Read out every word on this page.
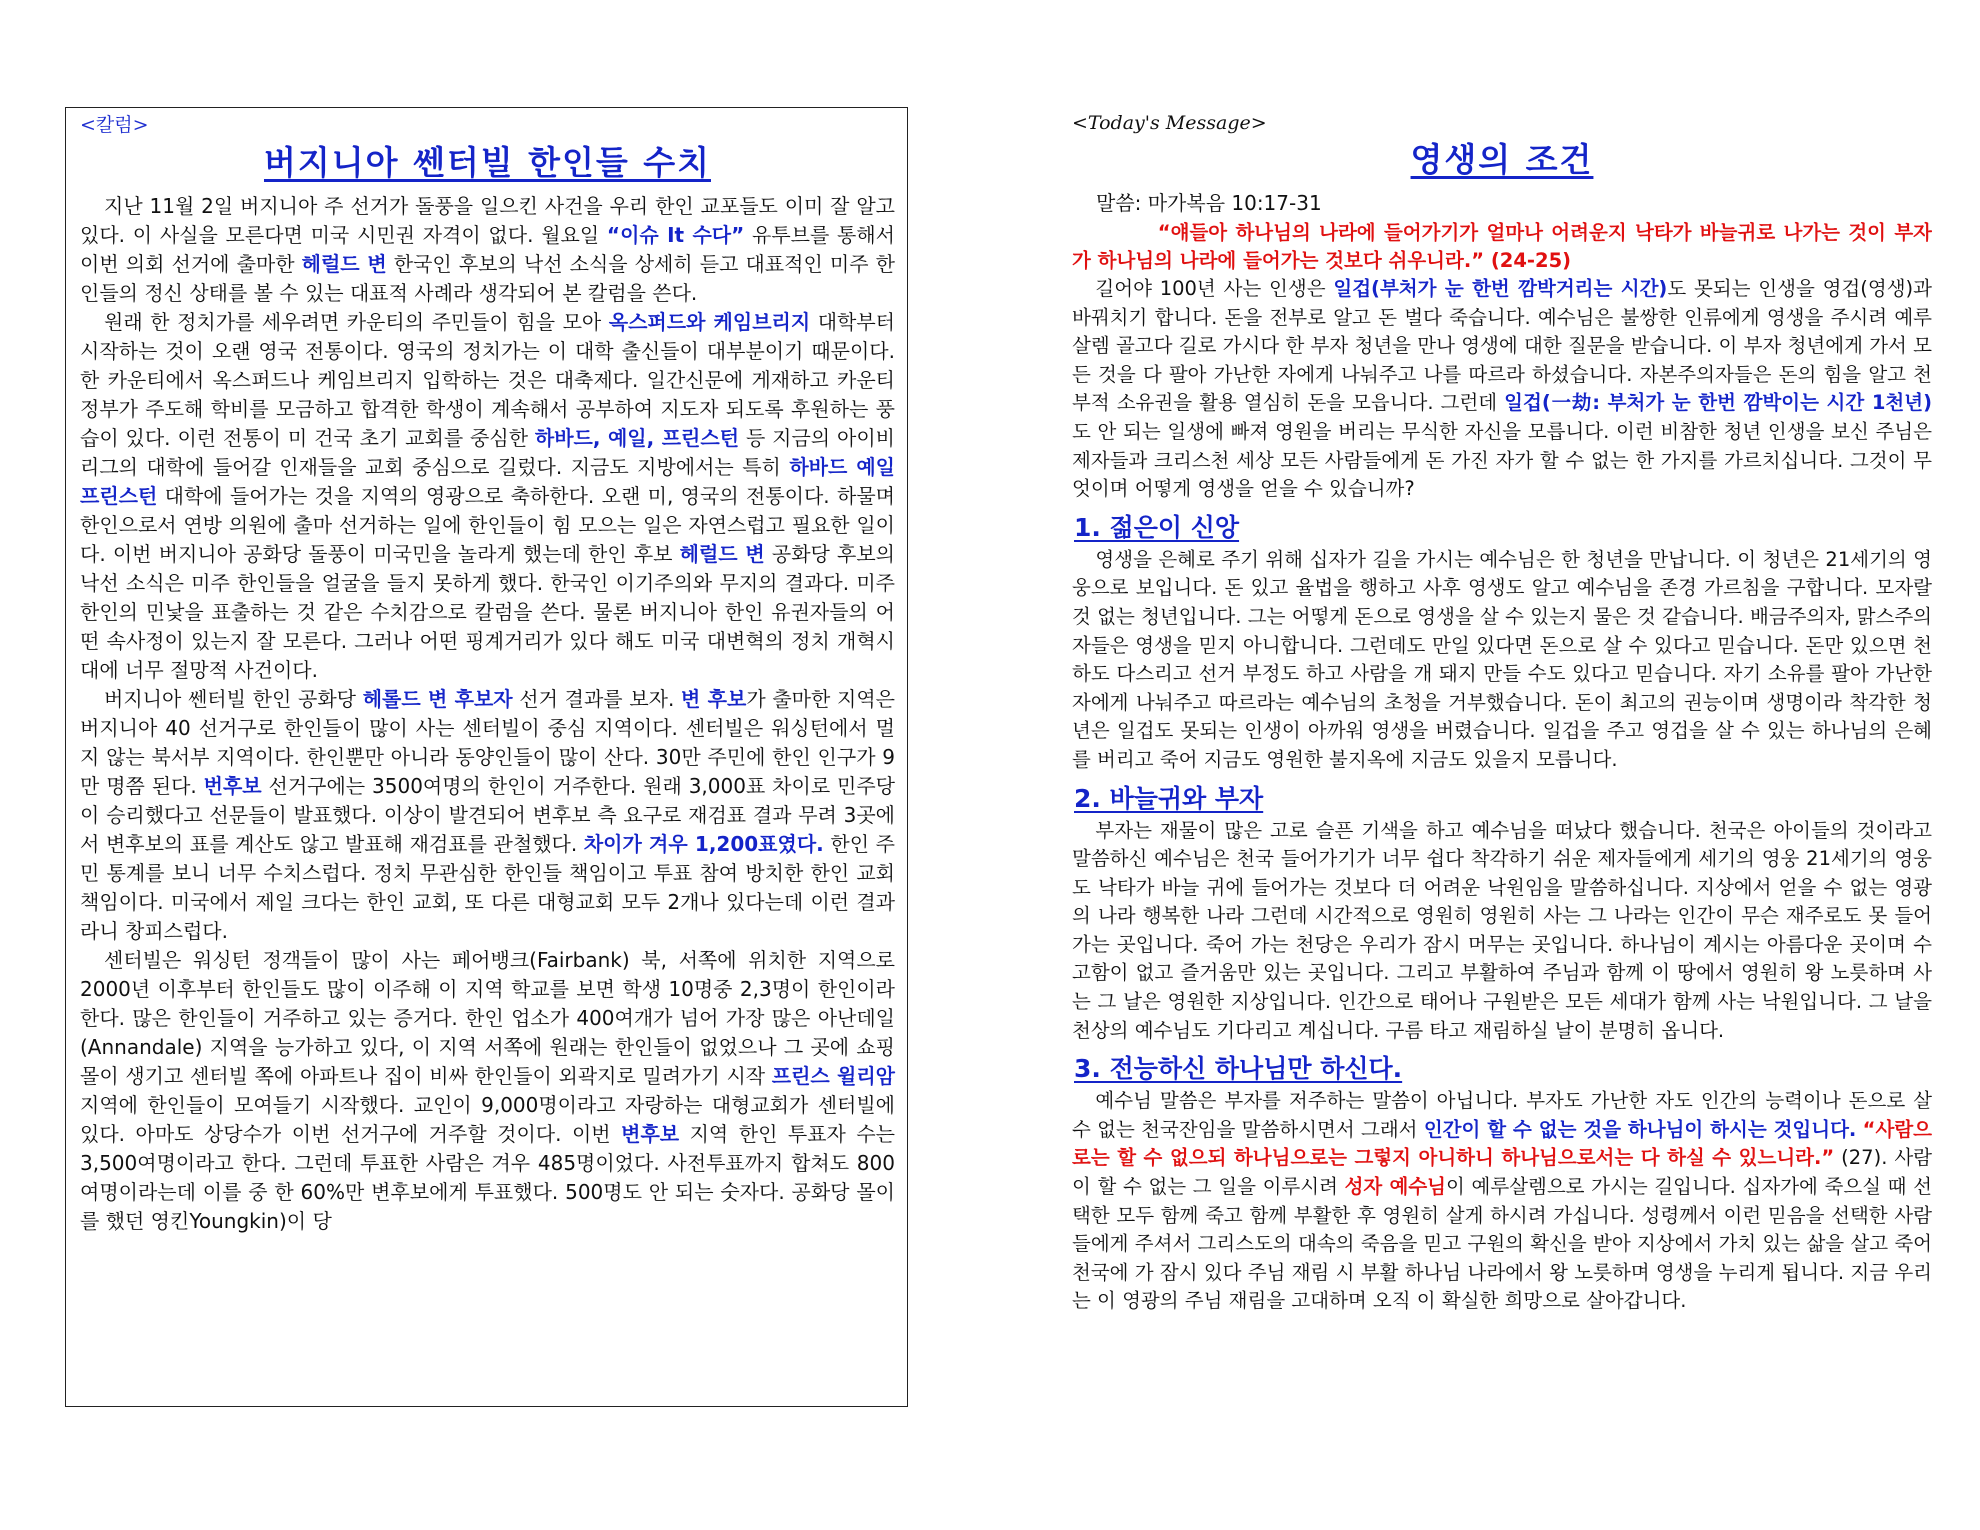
<칼럼>
버지니아 쎈터빌 한인들 수치

지난 11월 2일 버지니아 주 선거가 돌풍을 일으킨 사건을 우리 한인 교포들도 이미 잘 알고 있다. 이 사실을 모른다면 미국 시민권 자격이 없다. 월요일 “이슈 It 수다” 유투브를 통해서 이번 의회 선거에 출마한 헤럴드 변 한국인 후보의 낙선 소식을 상세히 듣고 대표적인 미주 한인들의 정신 상태를 볼 수 있는 대표적 사례라 생각되어 본 칼럼을 쓴다.

원래 한 정치가를 세우려면 카운티의 주민들이 힘을 모아 옥스퍼드와 케임브리지 대학부터 시작하는 것이 오랜 영국 전통이다. 영국의 정치가는 이 대학 출신들이 대부분이기 때문이다. 한 카운티에서 옥스퍼드나 케임브리지 입학하는 것은 대축제다. 일간신문에 게재하고 카운티 정부가 주도해 학비를 모금하고 합격한 학생이 계속해서 공부하여 지도자 되도록 후원하는 풍습이 있다. 이런 전통이 미 건국 초기 교회를 중심한 하바드, 예일, 프린스턴 등 지금의 아이비 리그의 대학에 들어갈 인재들을 교회 중심으로 길렀다. 지금도 지방에서는 특히 하바드 예일 프린스턴 대학에 들어가는 것을 지역의 영광으로 축하한다. 오랜 미, 영국의 전통이다. 하물며 한인으로서 연방 의원에 출마 선거하는 일에 한인들이 힘 모으는 일은 자연스럽고 필요한 일이다. 이번 버지니아 공화당 돌풍이 미국민을 놀라게 했는데 한인 후보 헤럴드 변 공화당 후보의 낙선 소식은 미주 한인들을 얼굴을 들지 못하게 했다. 한국인 이기주의와 무지의 결과다. 미주 한인의 민낯을 표출하는 것 같은 수치감으로 칼럼을 쓴다. 물론 버지니아 한인 유권자들의 어떤 속사정이 있는지 잘 모른다. 그러나 어떤 핑계거리가 있다 해도 미국 대변혁의 정치 개혁시대에 너무 절망적 사건이다.

버지니아 쎈터빌 한인 공화당 헤롤드 변 후보자 선거 결과를 보자. 변 후보가 출마한 지역은 버지니아 40 선거구로 한인들이 많이 사는 센터빌이 중심 지역이다. 센터빌은 워싱턴에서 멀지 않는 북서부 지역이다. 한인뿐만 아니라 동양인들이 많이 산다. 30만 주민에 한인 인구가 9만 명쯤 된다. 번후보 선거구에는 3500여명의 한인이 거주한다. 원래 3,000표 차이로 민주당이 승리했다고 선문들이 발표했다. 이상이 발견되어 변후보 측 요구로 재검표 결과 무려 3곳에서 변후보의 표를 계산도 않고 발표해 재검표를 관철했다. 차이가 겨우 1,200표였다. 한인 주민 통계를 보니 너무 수치스럽다. 정치 무관심한 한인들 책임이고 투표 참여 방치한 한인 교회 책임이다. 미국에서 제일 크다는 한인 교회, 또 다른 대형교회 모두 2개나 있다는데 이런 결과라니 창피스럽다.

센터빌은 워싱턴 정객들이 많이 사는 페어뱅크(Fairbank) 북, 서쪽에 위치한 지역으로 2000년 이후부터 한인들도 많이 이주해 이 지역 학교를 보면 학생 10명중 2,3명이 한인이라 한다. 많은 한인들이 거주하고 있는 증거다. 한인 업소가 400여개가 넘어 가장 많은 아난데일(Annandale) 지역을 능가하고 있다, 이 지역 서쪽에 원래는 한인들이 없었으나 그 곳에 쇼핑 몰이 생기고 센터빌 쪽에 아파트나 집이 비싸 한인들이 외곽지로 밀려가기 시작 프린스 윌리암 지역에 한인들이 모여들기 시작했다. 교인이 9,000명이라고 자랑하는 대형교회가 센터빌에 있다. 아마도 상당수가 이번 선거구에 거주할 것이다. 이번 변후보 지역 한인 투표자 수는 3,500여명이라고 한다. 그런데 투표한 사람은 겨우 485명이었다. 사전투표까지 합쳐도 800여명이라는데 이를 중 한 60%만 변후보에게 투표했다. 500명도 안 되는 숫자다. 공화당 몰이를 했던 영킨Youngkin)이 당

<Today's Message>
영생의 조건

말씀: 마가복음 10:17-31

“얘들아 하나님의 나라에 들어가기가 얼마나 어려운지 낙타가 바늘귀로 나가는 것이 부자가 하나님의 나라에 들어가는 것보다 쉬우니라.” (24-25)

길어야 100년 사는 인생은 일겁(부처가 눈 한번 깜박거리는 시간)도 못되는 인생을 영겁(영생)과 바꿔치기 합니다. 돈을 전부로 알고 돈 벌다 죽습니다. 예수님은 불쌍한 인류에게 영생을 주시려 예루살렘 골고다 길로 가시다 한 부자 청년을 만나 영생에 대한 질문을 받습니다. 이 부자 청년에게 가서 모든 것을 다 팔아 가난한 자에게 나눠주고 나를 따르라 하셨습니다. 자본주의자들은 돈의 힘을 알고 천부적 소유권을 활용 열심히 돈을 모읍니다. 그런데 일겁(一劫: 부처가 눈 한번 깜박이는 시간 1천년)도 안 되는 일생에 빠져 영원을 버리는 무식한 자신을 모릅니다. 이런 비참한 청년 인생을 보신 주님은 제자들과 크리스천 세상 모든 사람들에게 돈 가진 자가 할 수 없는 한 가지를 가르치십니다. 그것이 무엇이며 어떻게 영생을 얻을 수 있습니까?

1. 젊은이 신앙

영생을 은혜로 주기 위해 십자가 길을 가시는 예수님은 한 청년을 만납니다. 이 청년은 21세기의 영웅으로 보입니다. 돈 있고 율법을 행하고 사후 영생도 알고 예수님을 존경 가르침을 구합니다. 모자랄 것 없는 청년입니다. 그는 어떻게 돈으로 영생을 살 수 있는지 물은 것 같습니다. 배금주의자, 맑스주의자들은 영생을 믿지 아니합니다. 그런데도 만일 있다면 돈으로 살 수 있다고 믿습니다. 돈만 있으면 천하도 다스리고 선거 부정도 하고 사람을 개 돼지 만들 수도 있다고 믿습니다. 자기 소유를 팔아 가난한 자에게 나눠주고 따르라는 예수님의 초청을 거부했습니다. 돈이 최고의 권능이며 생명이라 착각한 청년은 일겁도 못되는 인생이 아까워 영생을 버렸습니다. 일겁을 주고 영겁을 살 수 있는 하나님의 은혜를 버리고 죽어 지금도 영원한 불지옥에 지금도 있을지 모릅니다.

2. 바늘귀와 부자

부자는 재물이 많은 고로 슬픈 기색을 하고 예수님을 떠났다 했습니다. 천국은 아이들의 것이라고 말씀하신 예수님은 천국 들어가기가 너무 쉽다 착각하기 쉬운 제자들에게 세기의 영웅 21세기의 영웅도 낙타가 바늘 귀에 들어가는 것보다 더 어려운 낙원임을 말씀하십니다. 지상에서 얻을 수 없는 영광의 나라 행복한 나라 그런데 시간적으로 영원히 영원히 사는 그 나라는 인간이 무슨 재주로도 못 들어가는 곳입니다. 죽어 가는 천당은 우리가 잠시 머무는 곳입니다. 하나님이 계시는 아름다운 곳이며 수고함이 없고 즐거움만 있는 곳입니다. 그리고 부활하여 주님과 함께 이 땅에서 영원히 왕 노릇하며 사는 그 날은 영원한 지상입니다. 인간으로 태어나 구원받은 모든 세대가 함께 사는 낙원입니다. 그 날을 천상의 예수님도 기다리고 계십니다. 구름 타고 재림하실 날이 분명히 옵니다.

3. 전능하신 하나님만 하신다.

예수님 말씀은 부자를 저주하는 말씀이 아닙니다. 부자도 가난한 자도 인간의 능력이나 돈으로 살 수 없는 천국잔임을 말씀하시면서 그래서 인간이 할 수 없는 것을 하나님이 하시는 것입니다. “사람으로는 할 수 없으되 하나님으로는 그렇지 아니하니 하나님으로서는 다 하실 수 있느니라.” (27). 사람이 할 수 없는 그 일을 이루시려 성자 예수님이 예루살렘으로 가시는 길입니다. 십자가에 죽으실 때 선택한 모두 함께 죽고 함께 부활한 후 영원히 살게 하시려 가십니다. 성령께서 이런 믿음을 선택한 사람들에게 주셔서 그리스도의 대속의 죽음을 믿고 구원의 확신을 받아 지상에서 가치 있는 삶을 살고 죽어 천국에 가 잠시 있다 주님 재림 시 부활 하나님 나라에서 왕 노릇하며 영생을 누리게 됩니다. 지금 우리는 이 영광의 주님 재림을 고대하며 오직 이 확실한 희망으로 살아갑니다.
